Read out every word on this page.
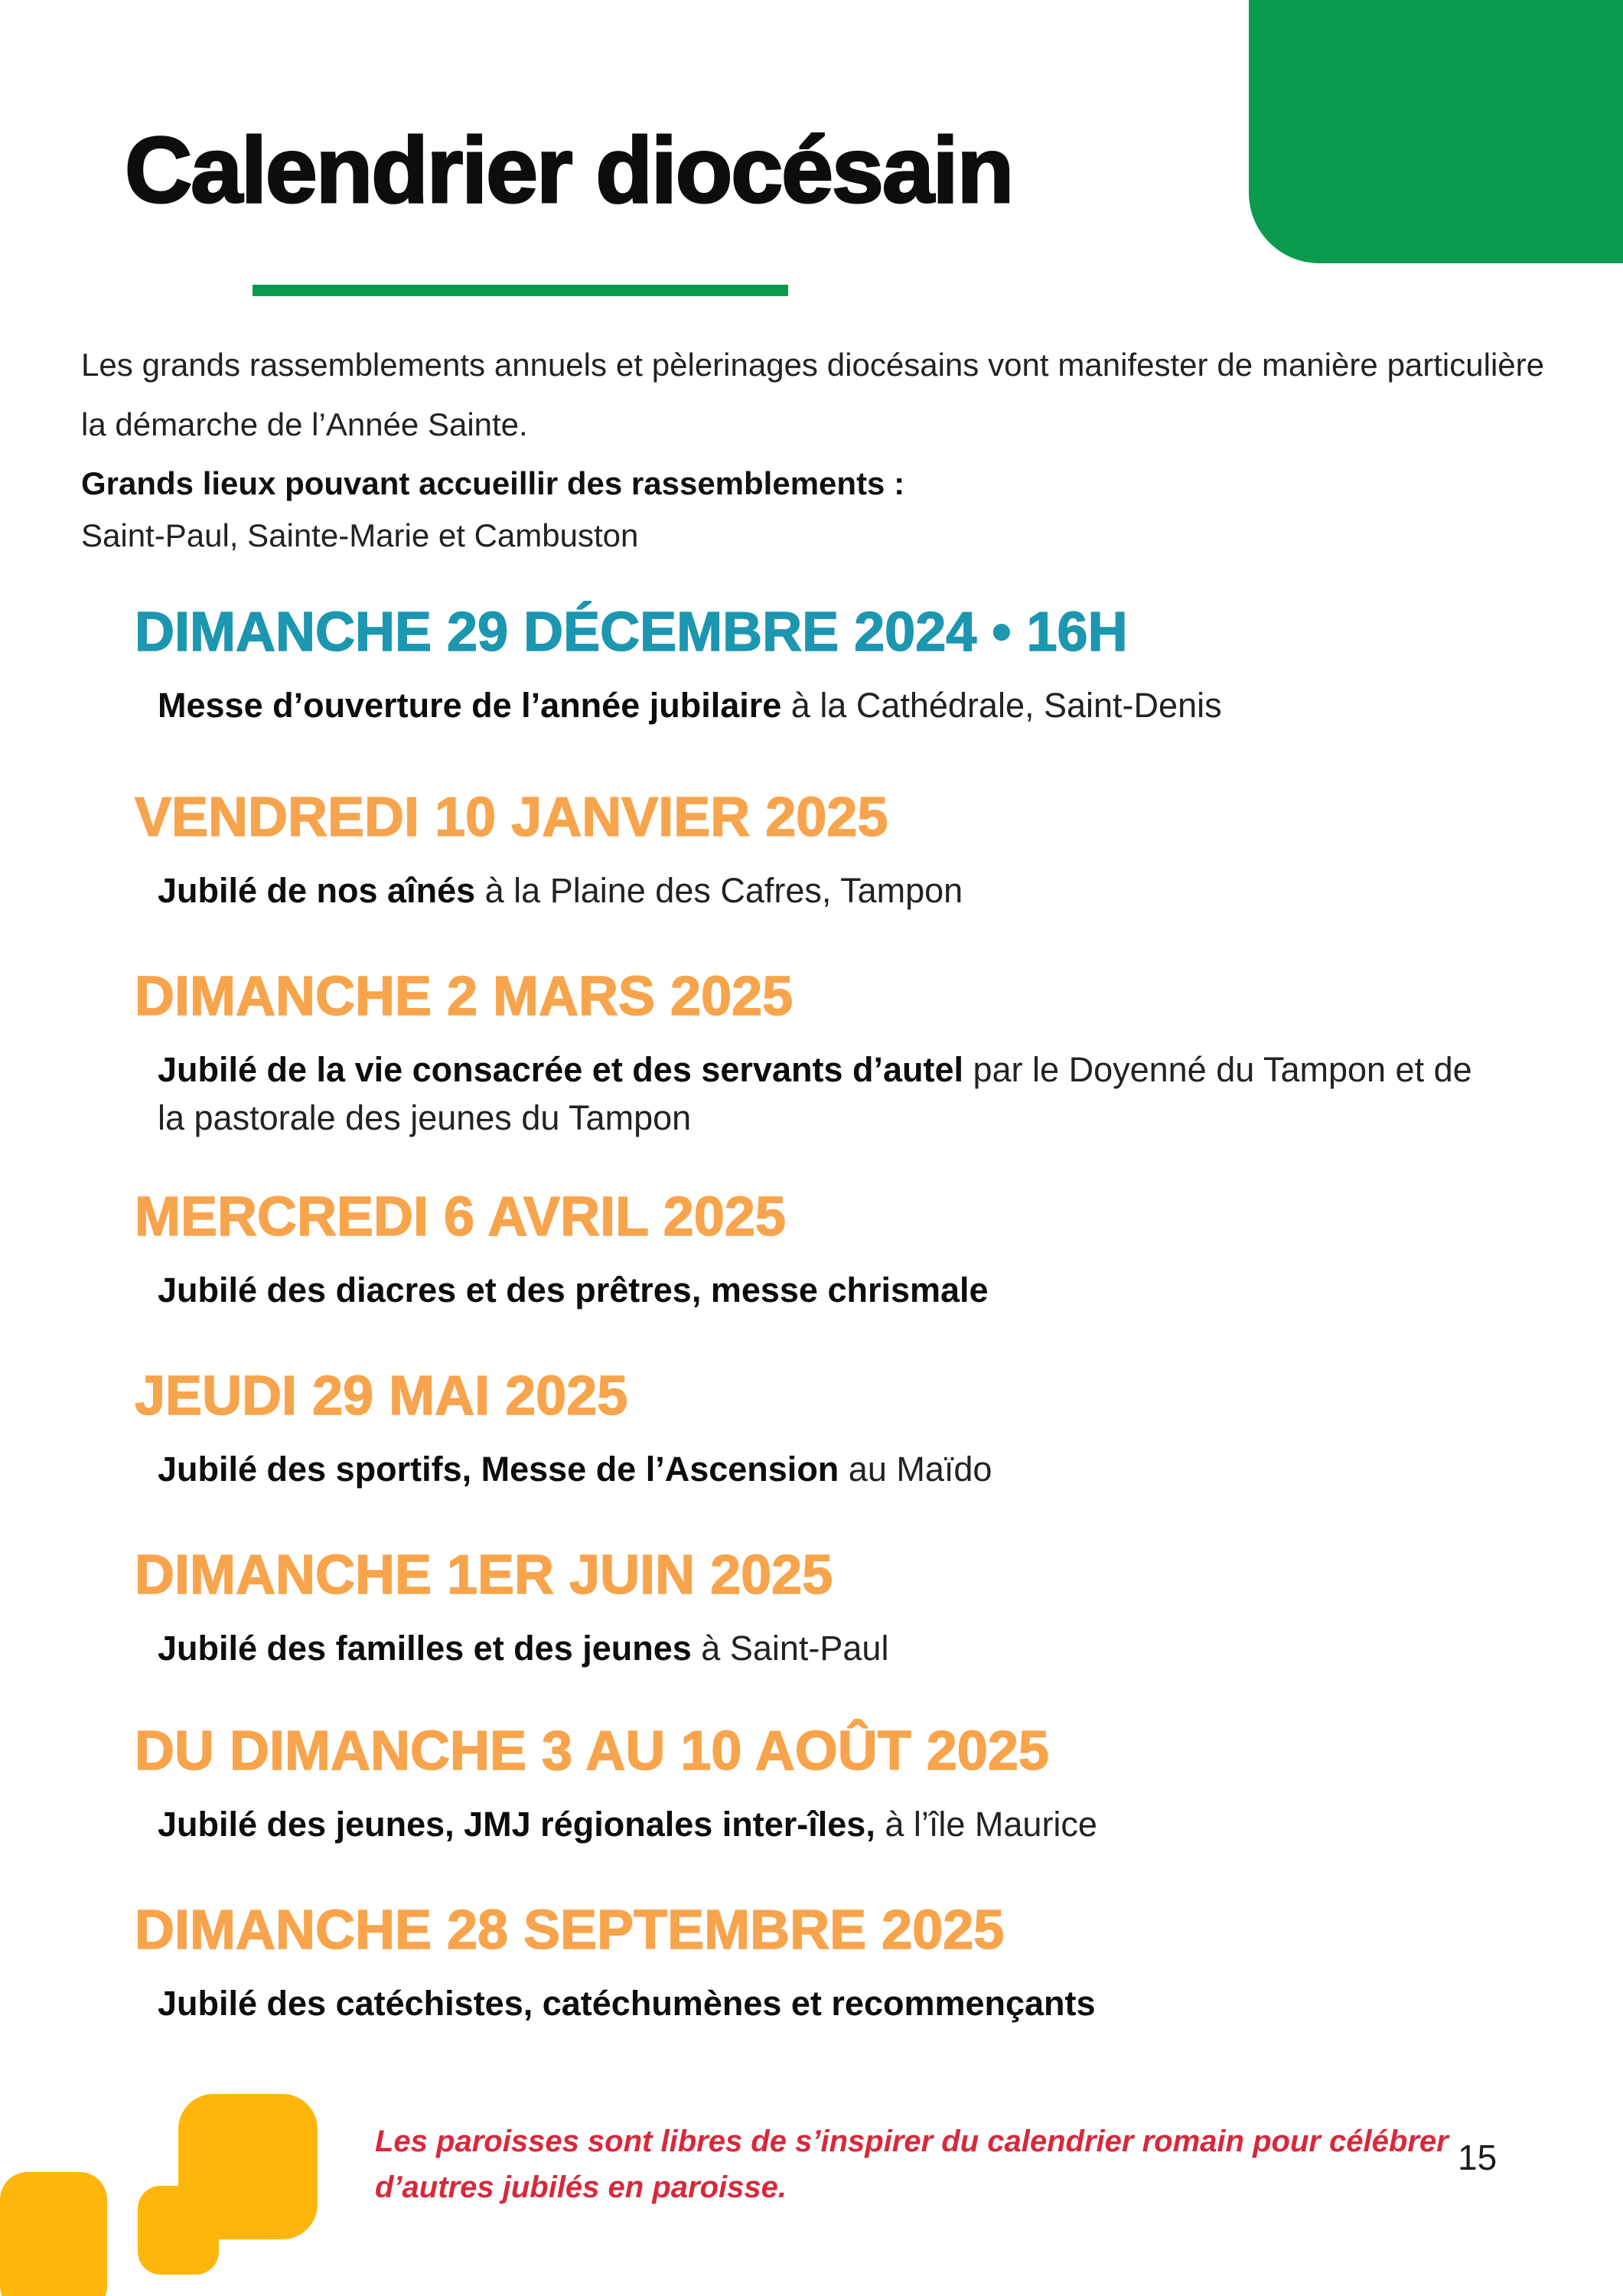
Calendrier diocésain

Les grands rassemblements annuels et pèlerinages diocésains vont manifester de manière particulière la démarche de l’Année Sainte.

Grands lieux pouvant accueillir des rassemblements :

Saint-Paul, Sainte-Marie et Cambuston

DIMANCHE 29 DÉCEMBRE 2024 • 16H

Messe d’ouverture de l’année jubilaire à la Cathédrale, Saint-Denis

VENDREDI 10 JANVIER 2025

Jubilé de nos aînés à la Plaine des Cafres, Tampon

DIMANCHE 2 MARS 2025

Jubilé de la vie consacrée et des servants d’autel par le Doyenné du Tampon et de la pastorale des jeunes du Tampon

MERCREDI 6 AVRIL 2025

Jubilé des diacres et des prêtres, messe chrismale

JEUDI 29 MAI 2025

Jubilé des sportifs, Messe de l’Ascension au Maïdo

DIMANCHE 1ER JUIN 2025

Jubilé des familles et des jeunes à Saint-Paul

DU DIMANCHE 3 AU 10 AOÛT 2025

Jubilé des jeunes, JMJ régionales inter-îles, à l’île Maurice

DIMANCHE 28 SEPTEMBRE 2025

Jubilé des catéchistes, catéchumènes et recommençants

Les paroisses sont libres de s’inspirer du calendrier romain pour célébrer d’autres jubilés en paroisse.

15
